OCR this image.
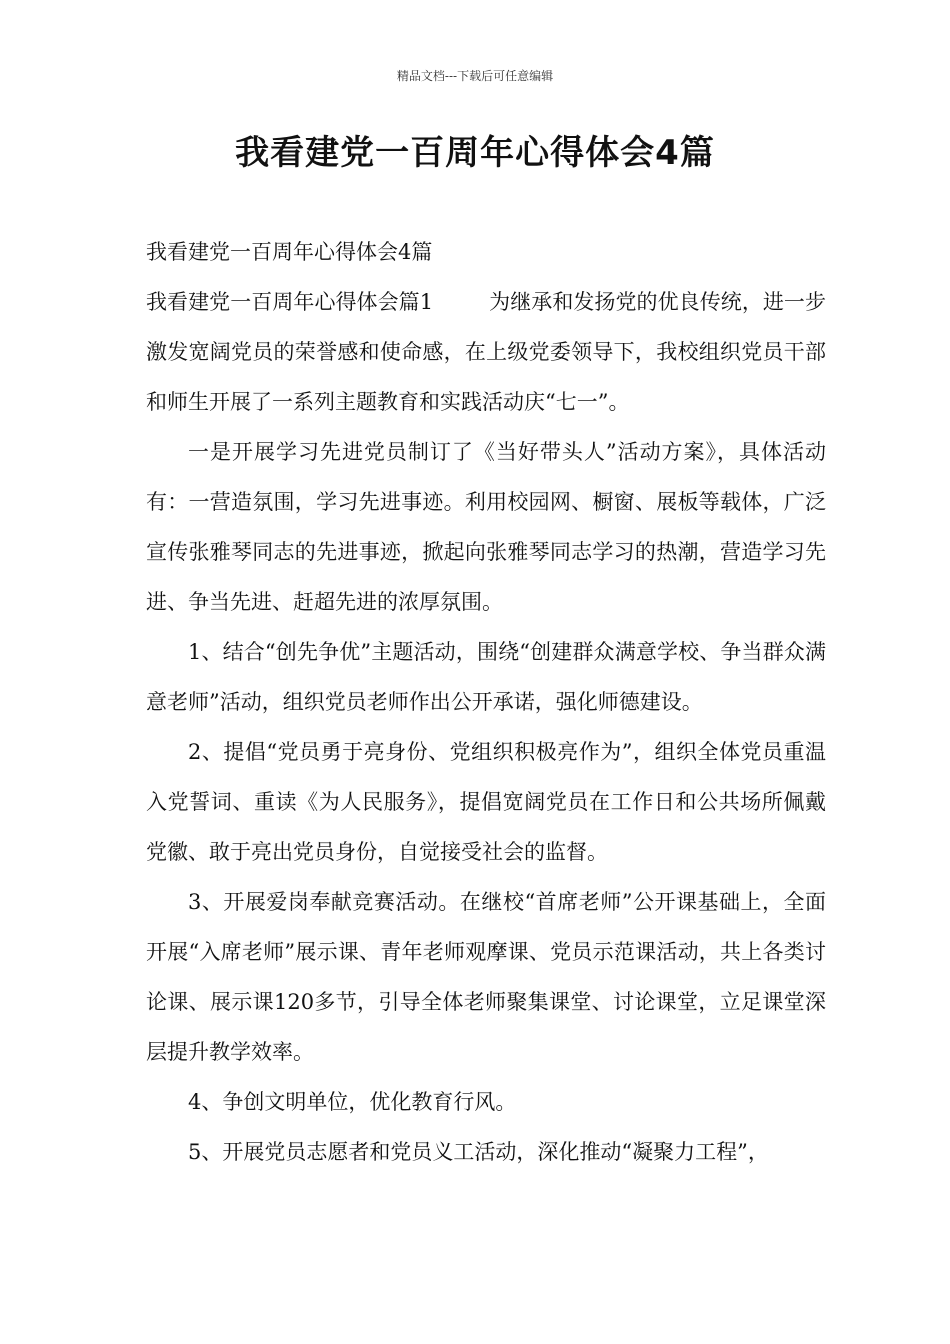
精品文档---下载后可任意编辑
我看建党一百周年心得体会4篇

我看建党一百周年心得体会4篇

我看建党一百周年心得体会篇1	为继承和发扬党的优良传统，进一步激发宽阔党员的荣誉感和使命感，在上级党委领导下，我校组织党员干部和师生开展了一系列主题教育和实践活动庆“七一”。

一是开展学习先进党员制订了《当好带头人”活动方案》，具体活动有：一营造氛围，学习先进事迹。利用校园网、橱窗、展板等载体，广泛宣传张雅琴同志的先进事迹，掀起向张雅琴同志学习的热潮，营造学习先进、争当先进、赶超先进的浓厚氛围。

1、结合“创先争优”主题活动，围绕“创建群众满意学校、争当群众满意老师”活动，组织党员老师作出公开承诺，强化师德建设。

2、提倡“党员勇于亮身份、党组织积极亮作为”，组织全体党员重温入党誓词、重读《为人民服务》，提倡宽阔党员在工作日和公共场所佩戴党徽、敢于亮出党员身份，自觉接受社会的监督。

3、开展爱岗奉献竞赛活动。在继校“首席老师”公开课基础上，全面开展“入席老师”展示课、青年老师观摩课、党员示范课活动，共上各类讨论课、展示课120多节，引导全体老师聚集课堂、讨论课堂，立足课堂深层提升教学效率。

4、争创文明单位，优化教育行风。

5、开展党员志愿者和党员义工活动，深化推动“凝聚力工程”，
